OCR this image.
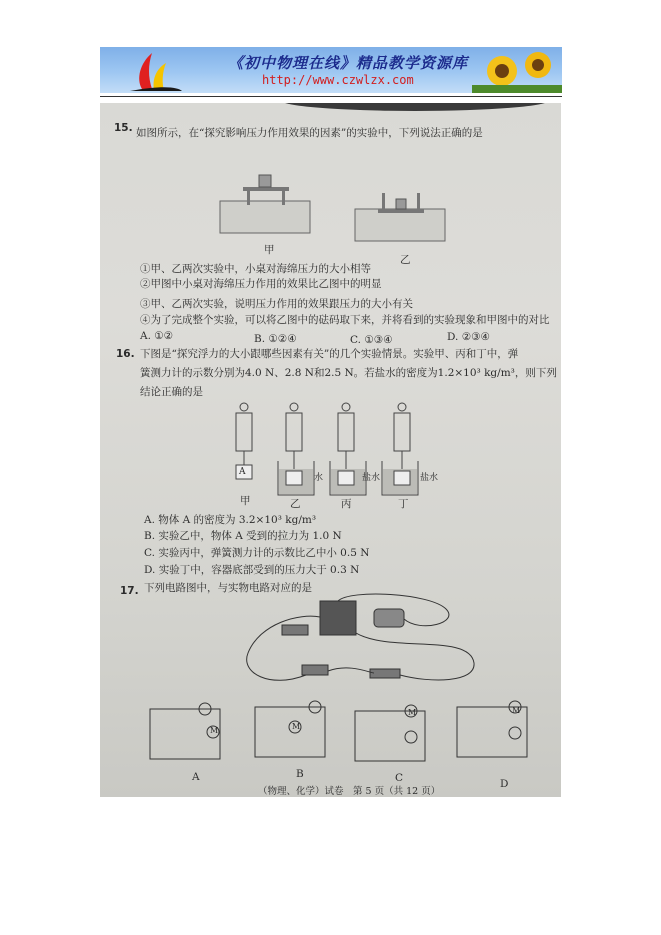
《初中物理在线》精品教学资源库
http://www.czwlzx.com
15. 如图所示，在“探究影响压力作用效果的因素”的实验中，下列说法正确的是
甲
乙
①甲、乙两次实验中，小桌对海绵压力的大小相等
②甲图中小桌对海绵压力作用的效果比乙图中的明显
③甲、乙两次实验，说明压力作用的效果跟压力的大小有关
④为了完成整个实验，可以将乙图中的砝码取下来，并将看到的实验现象和甲图中的对比
A. ①②	B. ①②④	C. ①③④	D. ②③④
16. 下图是“探究浮力的大小跟哪些因素有关”的几个实验情景。实验甲、丙和丁中，弹
簧测力计的示数分别为4.0 N、2.8 N和2.5 N。若盐水的密度为1.2×10³ kg/m³，则下列
结论正确的是
A
水	盐水	盐水
甲	乙	丙	丁
A. 物体 A 的密度为 3.2×10³ kg/m³
B. 实验乙中，物体 A 受到的拉力为 1.0 N
C. 实验丙中，弹簧测力计的示数比乙中小 0.5 N
D. 实验丁中，容器底部受到的压力大于 0.3 N
17. 下列电路图中，与实物电路对应的是
M	M
M	M
A	B	C	D
（物理、化学）试卷　第 5 页（共 12 页）
